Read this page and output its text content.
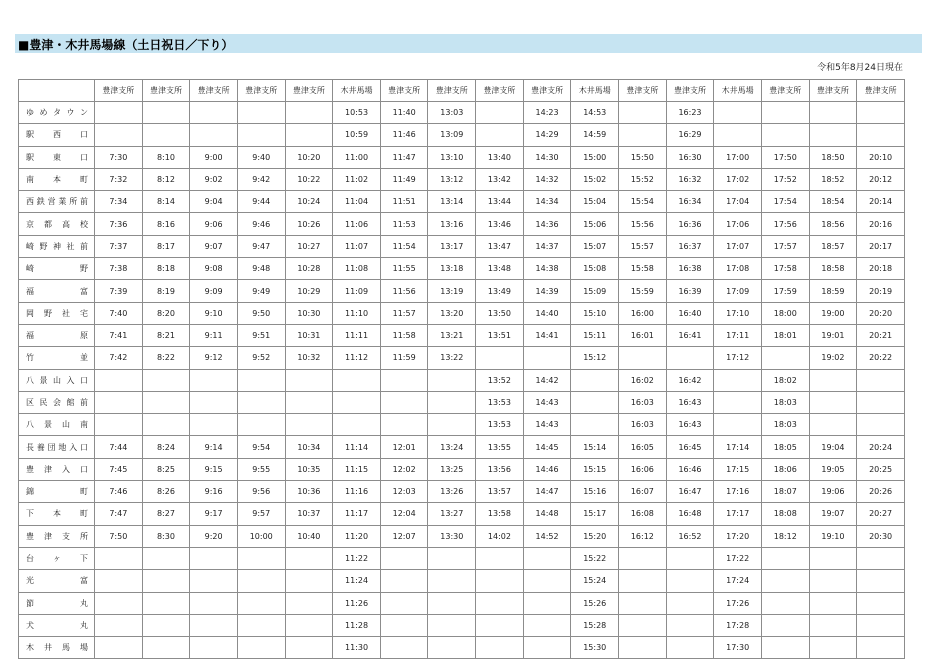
■豊津・木井馬場線（土日祝日／下り）
令和5年8月24日現在
	豊津支所	豊津支所	豊津支所	豊津支所	豊津支所	木井馬場	豊津支所	豊津支所	豊津支所	豊津支所	木井馬場	豊津支所	豊津支所	木井馬場	豊津支所	豊津支所	豊津支所
ゆめタウン						10:53	11:40	13:03		14:23	14:53		16:23				
駅西口						10:59	11:46	13:09		14:29	14:59		16:29				
駅東口	7:30	8:10	9:00	9:40	10:20	11:00	11:47	13:10	13:40	14:30	15:00	15:50	16:30	17:00	17:50	18:50	20:10
南本町	7:32	8:12	9:02	9:42	10:22	11:02	11:49	13:12	13:42	14:32	15:02	15:52	16:32	17:02	17:52	18:52	20:12
西鉄営業所前	7:34	8:14	9:04	9:44	10:24	11:04	11:51	13:14	13:44	14:34	15:04	15:54	16:34	17:04	17:54	18:54	20:14
京都高校	7:36	8:16	9:06	9:46	10:26	11:06	11:53	13:16	13:46	14:36	15:06	15:56	16:36	17:06	17:56	18:56	20:16
崎野神社前	7:37	8:17	9:07	9:47	10:27	11:07	11:54	13:17	13:47	14:37	15:07	15:57	16:37	17:07	17:57	18:57	20:17
崎野	7:38	8:18	9:08	9:48	10:28	11:08	11:55	13:18	13:48	14:38	15:08	15:58	16:38	17:08	17:58	18:58	20:18
福富	7:39	8:19	9:09	9:49	10:29	11:09	11:56	13:19	13:49	14:39	15:09	15:59	16:39	17:09	17:59	18:59	20:19
岡野社宅	7:40	8:20	9:10	9:50	10:30	11:10	11:57	13:20	13:50	14:40	15:10	16:00	16:40	17:10	18:00	19:00	20:20
福原	7:41	8:21	9:11	9:51	10:31	11:11	11:58	13:21	13:51	14:41	15:11	16:01	16:41	17:11	18:01	19:01	20:21
竹並	7:42	8:22	9:12	9:52	10:32	11:12	11:59	13:22			15:12			17:12		19:02	20:22
八景山入口									13:52	14:42		16:02	16:42		18:02		
区民会館前									13:53	14:43		16:03	16:43		18:03		
八景山南									13:53	14:43		16:03	16:43		18:03		
長養団地入口	7:44	8:24	9:14	9:54	10:34	11:14	12:01	13:24	13:55	14:45	15:14	16:05	16:45	17:14	18:05	19:04	20:24
豊津入口	7:45	8:25	9:15	9:55	10:35	11:15	12:02	13:25	13:56	14:46	15:15	16:06	16:46	17:15	18:06	19:05	20:25
錦町	7:46	8:26	9:16	9:56	10:36	11:16	12:03	13:26	13:57	14:47	15:16	16:07	16:47	17:16	18:07	19:06	20:26
下本町	7:47	8:27	9:17	9:57	10:37	11:17	12:04	13:27	13:58	14:48	15:17	16:08	16:48	17:17	18:08	19:07	20:27
豊津支所	7:50	8:30	9:20	10:00	10:40	11:20	12:07	13:30	14:02	14:52	15:20	16:12	16:52	17:20	18:12	19:10	20:30
台ヶ下						11:22					15:22			17:22			
光富						11:24					15:24			17:24			
節丸						11:26					15:26			17:26			
犬丸						11:28					15:28			17:28			
木井馬場						11:30					15:30			17:30			
